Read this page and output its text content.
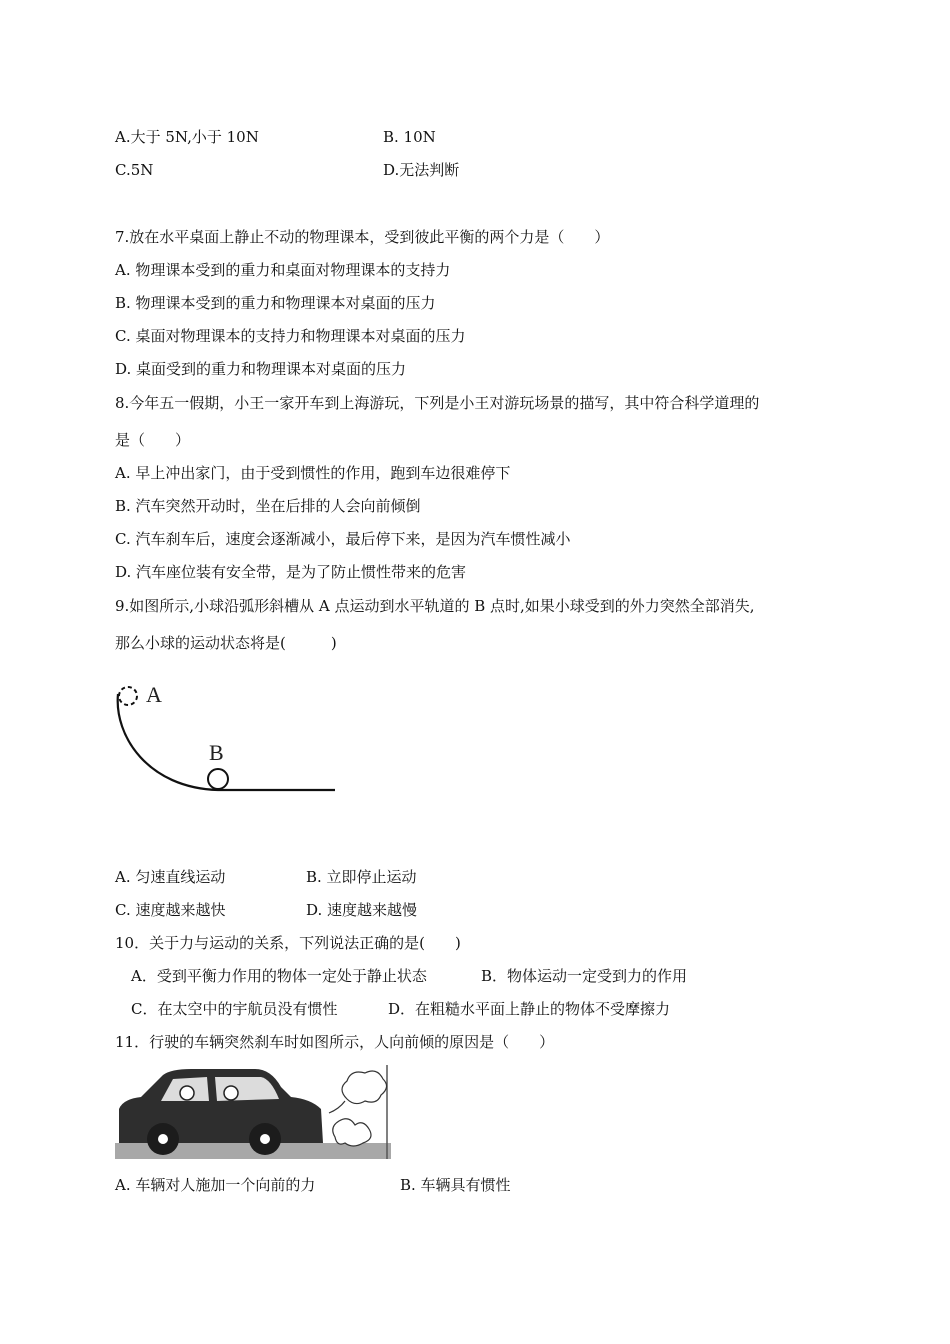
A.大于 5N,小于 10N	B. 10N
C.5N	D.无法判断
7.放在水平桌面上静止不动的物理课本，受到彼此平衡的两个力是（　　）
A. 物理课本受到的重力和桌面对物理课本的支持力
B. 物理课本受到的重力和物理课本对桌面的压力
C. 桌面对物理课本的支持力和物理课本对桌面的压力
D. 桌面受到的重力和物理课本对桌面的压力
8.今年五一假期，小王一家开车到上海游玩，下列是小王对游玩场景的描写，其中符合科学道理的
是（　　）
A. 早上冲出家门，由于受到惯性的作用，跑到车边很难停下
B. 汽车突然开动时，坐在后排的人会向前倾倒
C. 汽车刹车后，速度会逐渐减小，最后停下来，是因为汽车惯性减小
D. 汽车座位装有安全带，是为了防止惯性带来的危害
9.如图所示,小球沿弧形斜槽从 A 点运动到水平轨道的 B 点时,如果小球受到的外力突然全部消失,
那么小球的运动状态将是(　　　)
A
B
A. 匀速直线运动	B. 立即停止运动
C. 速度越来越快	D. 速度越来越慢
10．关于力与运动的关系，下列说法正确的是(　　)
A．受到平衡力作用的物体一定处于静止状态	B．物体运动一定受到力的作用
C．在太空中的宇航员没有惯性	D．在粗糙水平面上静止的物体不受摩擦力
11．行驶的车辆突然刹车时如图所示，人向前倾的原因是（　　）
A. 车辆对人施加一个向前的力	B. 车辆具有惯性
